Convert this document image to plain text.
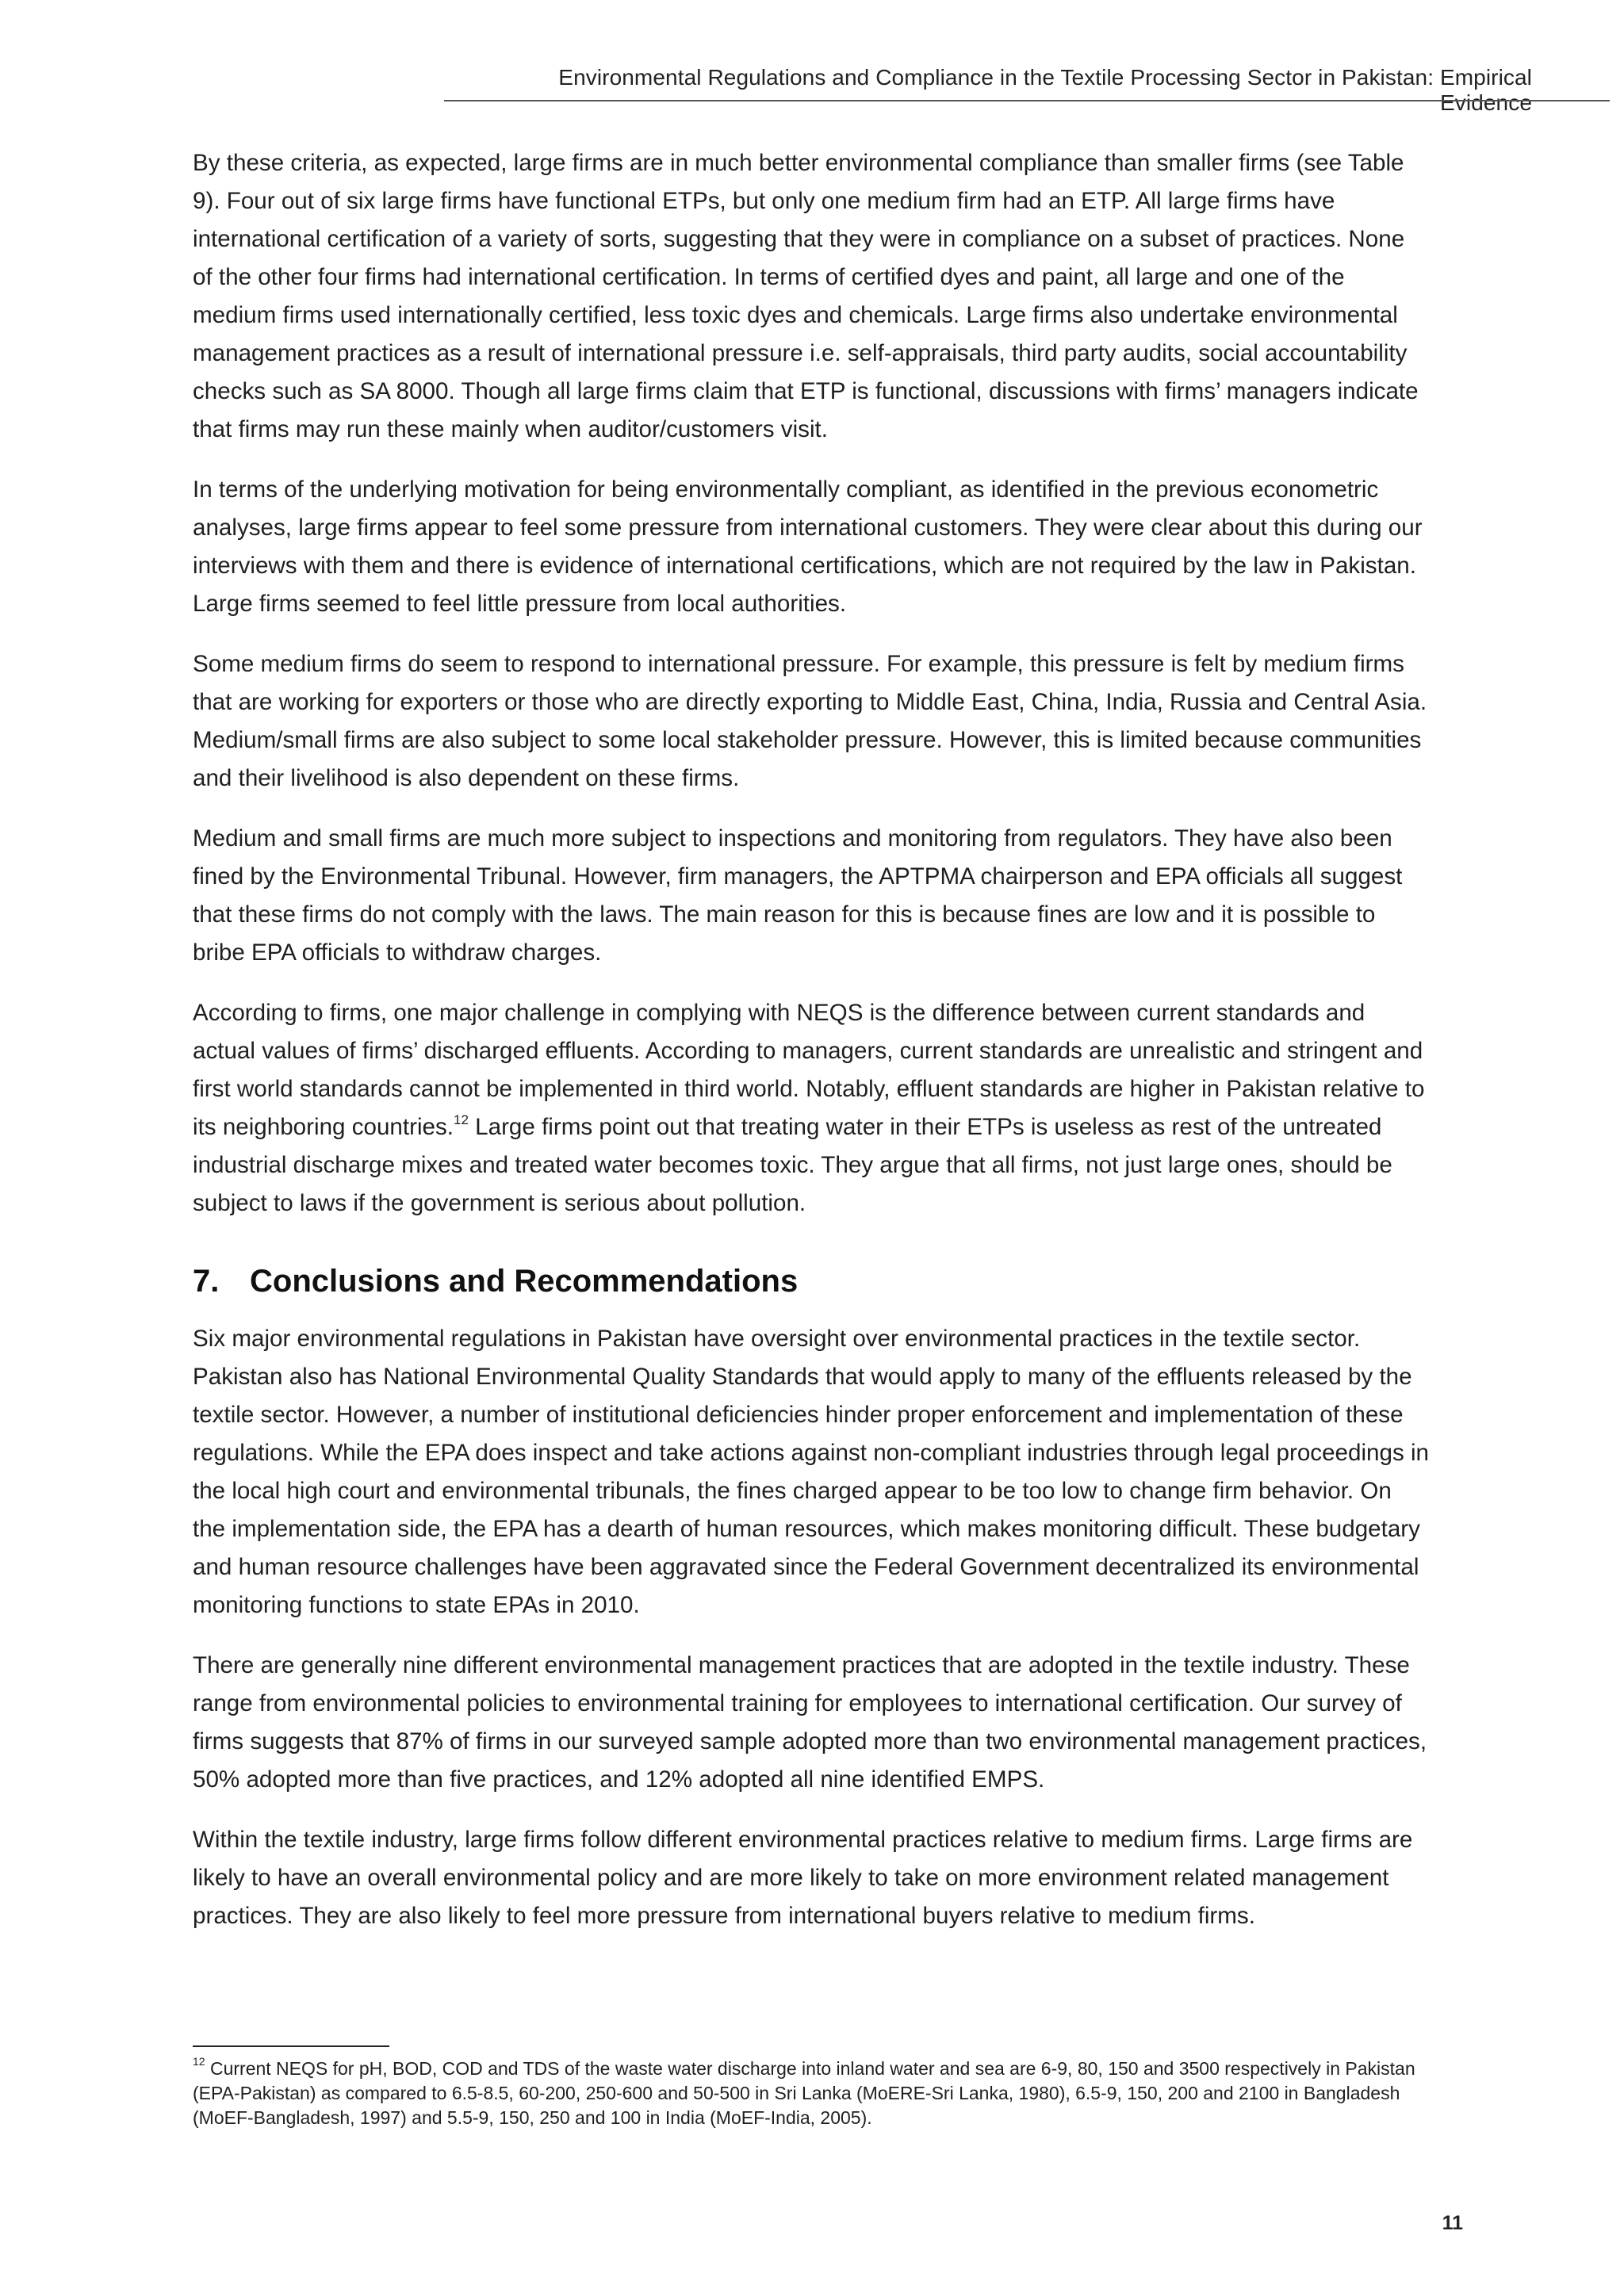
Environmental Regulations and Compliance in the Textile Processing Sector in Pakistan: Empirical Evidence

By these criteria, as expected, large firms are in much better environmental compliance than smaller firms (see Table 9). Four out of six large firms have functional ETPs, but only one medium firm had an ETP. All large firms have international certification of a variety of sorts, suggesting that they were in compliance on a subset of practices. None of the other four firms had international certification. In terms of certified dyes and paint, all large and one of the medium firms used internationally certified, less toxic dyes and chemicals. Large firms also undertake environmental management practices as a result of international pressure i.e. self-appraisals, third party audits, social accountability checks such as SA 8000. Though all large firms claim that ETP is functional, discussions with firms’ managers indicate that firms may run these mainly when auditor/customers visit.

In terms of the underlying motivation for being environmentally compliant, as identified in the previous econometric analyses, large firms appear to feel some pressure from international customers. They were clear about this during our interviews with them and there is evidence of international certifications, which are not required by the law in Pakistan. Large firms seemed to feel little pressure from local authorities.

Some medium firms do seem to respond to international pressure. For example, this pressure is felt by medium firms that are working for exporters or those who are directly exporting to Middle East, China, India, Russia and Central Asia. Medium/small firms are also subject to some local stakeholder pressure. However, this is limited because communities and their livelihood is also dependent on these firms.

Medium and small firms are much more subject to inspections and monitoring from regulators. They have also been fined by the Environmental Tribunal. However, firm managers, the APTPMA chairperson and EPA officials all suggest that these firms do not comply with the laws. The main reason for this is because fines are low and it is possible to bribe EPA officials to withdraw charges.

According to firms, one major challenge in complying with NEQS is the difference between current standards and actual values of firms’ discharged effluents. According to managers, current standards are unrealistic and stringent and first world standards cannot be implemented in third world. Notably, effluent standards are higher in Pakistan relative to its neighboring countries.$^{12}$ Large firms point out that treating water in their ETPs is useless as rest of the untreated industrial discharge mixes and treated water becomes toxic. They argue that all firms, not just large ones, should be subject to laws if the government is serious about pollution.

7. Conclusions and Recommendations

Six major environmental regulations in Pakistan have oversight over environmental practices in the textile sector. Pakistan also has National Environmental Quality Standards that would apply to many of the effluents released by the textile sector. However, a number of institutional deficiencies hinder proper enforcement and implementation of these regulations. While the EPA does inspect and take actions against non-compliant industries through legal proceedings in the local high court and environmental tribunals, the fines charged appear to be too low to change firm behavior. On the implementation side, the EPA has a dearth of human resources, which makes monitoring difficult. These budgetary and human resource challenges have been aggravated since the Federal Government decentralized its environmental monitoring functions to state EPAs in 2010.

There are generally nine different environmental management practices that are adopted in the textile industry. These range from environmental policies to environmental training for employees to international certification. Our survey of firms suggests that 87% of firms in our surveyed sample adopted more than two environmental management practices, 50% adopted more than five practices, and 12% adopted all nine identified EMPS.

Within the textile industry, large firms follow different environmental practices relative to medium firms. Large firms are likely to have an overall environmental policy and are more likely to take on more environment related management practices. They are also likely to feel more pressure from international buyers relative to medium firms.

$^{12}$ Current NEQS for pH, BOD, COD and TDS of the waste water discharge into inland water and sea are 6-9, 80, 150 and 3500 respectively in Pakistan (EPA-Pakistan) as compared to 6.5-8.5, 60-200, 250-600 and 50-500 in Sri Lanka (MoERE-Sri Lanka, 1980), 6.5-9, 150, 200 and 2100 in Bangladesh (MoEF-Bangladesh, 1997) and 5.5-9, 150, 250 and 100 in India (MoEF-India, 2005).
11
